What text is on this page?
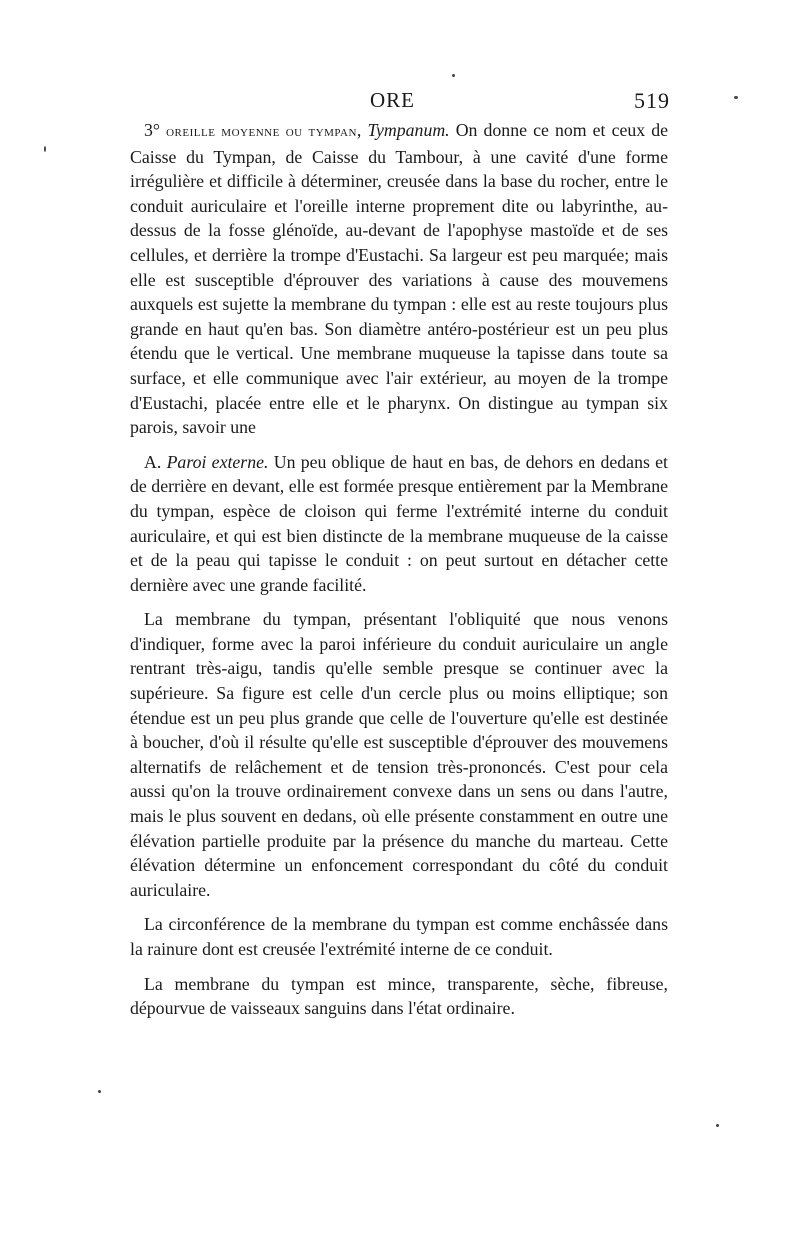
ORE	519

3° oreille moyenne ou tympan, Tympanum. On donne ce nom et ceux de Caisse du Tympan, de Caisse du Tambour, à une cavité d'une forme irrégulière et difficile à déterminer, creusée dans la base du rocher, entre le conduit auriculaire et l'oreille interne proprement dite ou labyrinthe, au-dessus de la fosse glénoïde, au-devant de l'apophyse mastoïde et de ses cellules, et derrière la trompe d'Eustachi. Sa largeur est peu marquée; mais elle est susceptible d'éprouver des variations à cause des mouvemens auxquels est sujette la membrane du tympan : elle est au reste toujours plus grande en haut qu'en bas. Son diamètre antéro-postérieur est un peu plus étendu que le vertical. Une membrane muqueuse la tapisse dans toute sa surface, et elle communique avec l'air extérieur, au moyen de la trompe d'Eustachi, placée entre elle et le pharynx. On distingue au tympan six parois, savoir une

A. Paroi externe. Un peu oblique de haut en bas, de dehors en dedans et de derrière en devant, elle est formée presque entièrement par la Membrane du tympan, espèce de cloison qui ferme l'extrémité interne du conduit auriculaire, et qui est bien distincte de la membrane muqueuse de la caisse et de la peau qui tapisse le conduit : on peut surtout en détacher cette dernière avec une grande facilité.

La membrane du tympan, présentant l'obliquité que nous venons d'indiquer, forme avec la paroi inférieure du conduit auriculaire un angle rentrant très-aigu, tandis qu'elle semble presque se continuer avec la supérieure. Sa figure est celle d'un cercle plus ou moins elliptique; son étendue est un peu plus grande que celle de l'ouverture qu'elle est destinée à boucher, d'où il résulte qu'elle est susceptible d'éprouver des mouvemens alternatifs de relâchement et de tension très-prononcés. C'est pour cela aussi qu'on la trouve ordinairement convexe dans un sens ou dans l'autre, mais le plus souvent en dedans, où elle présente constamment en outre une élévation partielle produite par la présence du manche du marteau. Cette élévation détermine un enfoncement correspondant du côté du conduit auriculaire.

La circonférence de la membrane du tympan est comme enchâssée dans la rainure dont est creusée l'extrémité interne de ce conduit.

La membrane du tympan est mince, transparente, sèche, fibreuse, dépourvue de vaisseaux sanguins dans l'état ordinaire.
